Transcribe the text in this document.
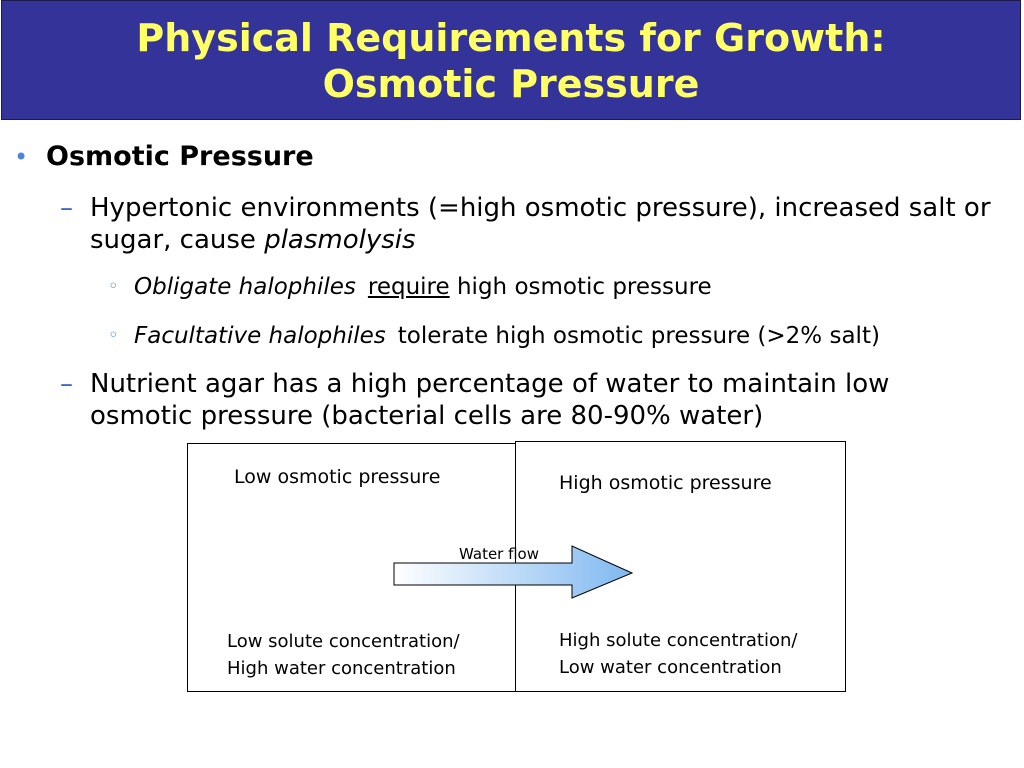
Physical Requirements for Growth:
Osmotic Pressure
• Osmotic Pressure
– Hypertonic environments (=high osmotic pressure), increased salt or sugar, cause plasmolysis
◦ Obligate halophiles require high osmotic pressure
◦ Facultative halophiles tolerate high osmotic pressure (>2% salt)
– Nutrient agar has a high percentage of water to maintain low osmotic pressure (bacterial cells are 80-90% water)
Low osmotic pressure	High osmotic pressure
Water flow
Low solute concentration/
High water concentration
High solute concentration/
Low water concentration
